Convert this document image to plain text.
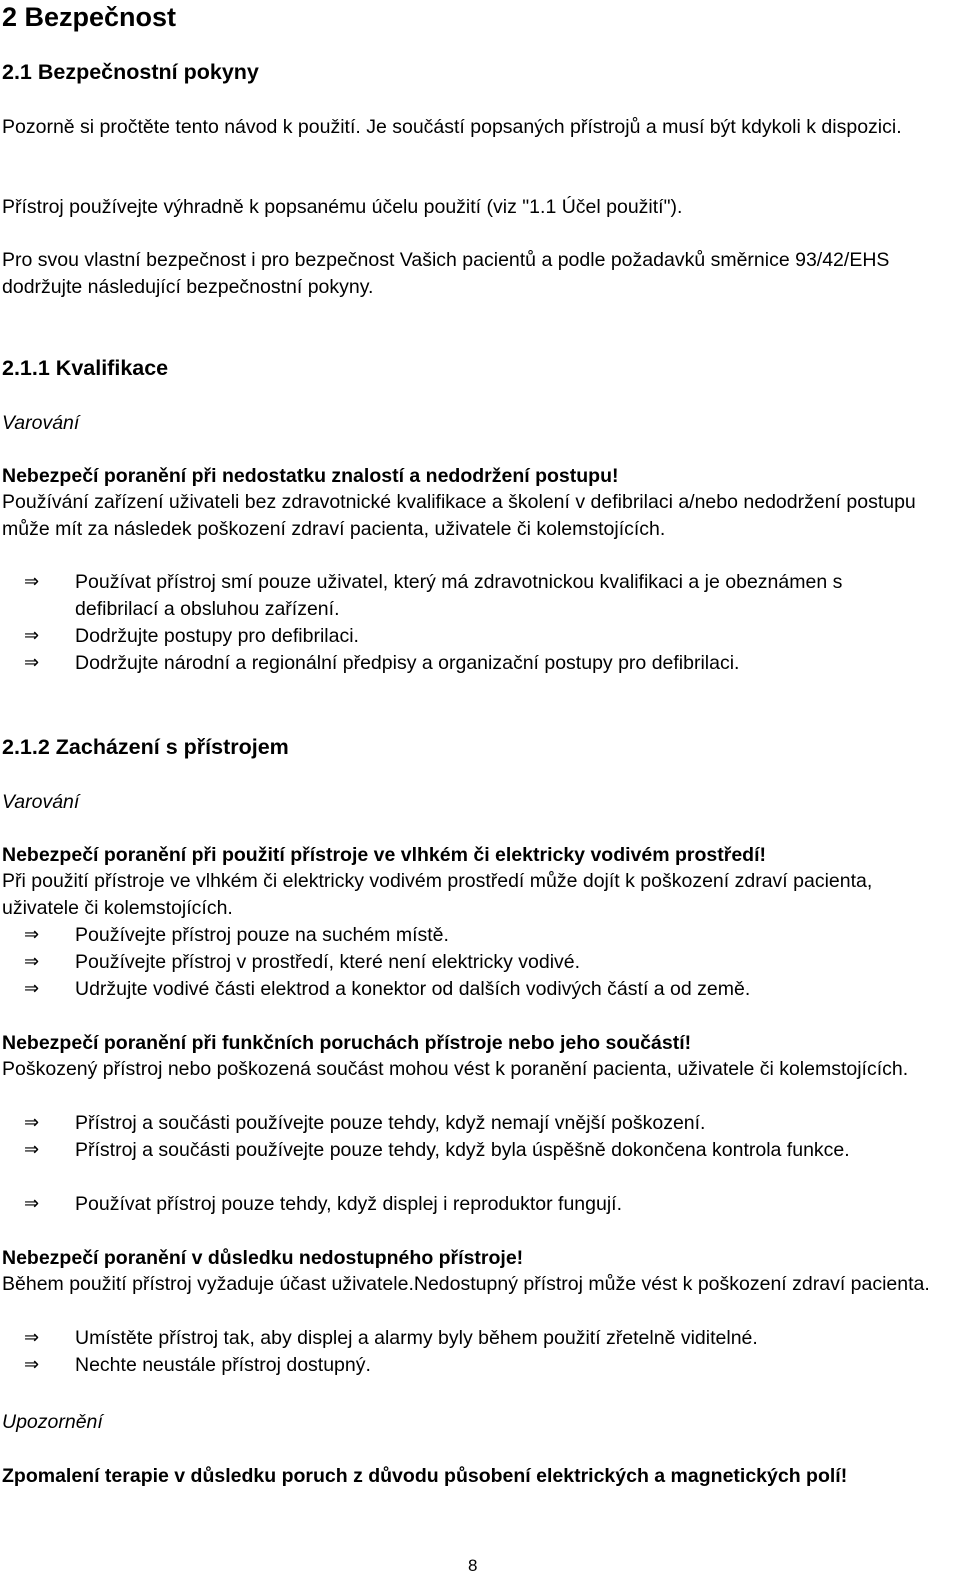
2 Bezpečnost
2.1 Bezpečnostní pokyny

Pozorně si pročtěte tento návod k použití. Je součástí popsaných přístrojů a musí být kdykoli k dispozici.

Přístroj používejte výhradně k popsanému účelu použití (viz "1.1 Účel použití").

Pro svou vlastní bezpečnost i pro bezpečnost Vašich pacientů a podle požadavků směrnice 93/42/EHS dodržujte následující bezpečnostní pokyny.

2.1.1 Kvalifikace

Varování

Nebezpečí poranění při nedostatku znalostí a nedodržení postupu!

Používání zařízení uživateli bez zdravotnické kvalifikace a školení v defibrilaci a/nebo nedodržení postupu může mít za následek poškození zdraví pacienta, uživatele či kolemstojících.

⇒	Používat přístroj smí pouze uživatel, který má zdravotnickou kvalifikaci a je obeznámen s defibrilací a obsluhou zařízení.
⇒	Dodržujte postupy pro defibrilaci.
⇒	Dodržujte národní a regionální předpisy a organizační postupy pro defibrilaci.
2.1.2 Zacházení s přístrojem

Varování

Nebezpečí poranění při použití přístroje ve vlhkém či elektricky vodivém prostředí!

Při použití přístroje ve vlhkém či elektricky vodivém prostředí může dojít k poškození zdraví pacienta, uživatele či kolemstojících.

⇒	Používejte přístroj pouze na suchém místě.
⇒	Používejte přístroj v prostředí, které není elektricky vodivé.
⇒	Udržujte vodivé části elektrod a konektor od dalších vodivých částí a od země.

Nebezpečí poranění při funkčních poruchách přístroje nebo jeho součástí!

Poškozený přístroj nebo poškozená součást mohou vést k poranění pacienta, uživatele či kolemstojících.

⇒	Přístroj a součásti používejte pouze tehdy, když nemají vnější poškození.
⇒	Přístroj a součásti používejte pouze tehdy, když byla úspěšně dokončena kontrola funkce.
⇒	Používat přístroj pouze tehdy, když displej i reproduktor fungují.

Nebezpečí poranění v důsledku nedostupného přístroje!

Během použití přístroj vyžaduje účast uživatele.Nedostupný přístroj může vést k poškození zdraví pacienta.

⇒	Umístěte přístroj tak, aby displej a alarmy byly během použití zřetelně viditelné.
⇒	Nechte neustále přístroj dostupný.

Upozornění

Zpomalení terapie v důsledku poruch z důvodu působení elektrických a magnetických polí!

8
